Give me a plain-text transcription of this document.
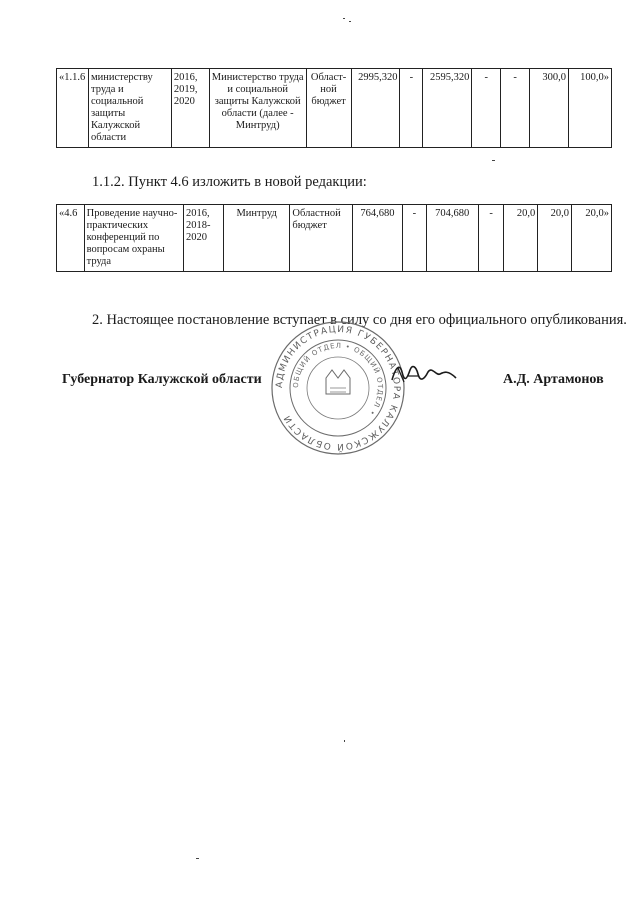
«1.1.6	министерству труда и социальной защиты Калужской области	2016, 2019, 2020	Министерство труда и социальной защиты Калужской области (далее - Минтруд)	Област-ной бюджет	2995,320	-	2595,320	-	-	300,0	100,0»
1.1.2. Пункт 4.6 изложить в новой редакции:
«4.6	Проведение научно-практических конференций по вопросам охраны труда	2016, 2018-2020	Минтруд	Областной бюджет	764,680	-	704,680	-	20,0	20,0	20,0»
2. Настоящее постановление вступает в силу со дня его официального опубликования.
АДМИНИСТРАЦИЯ ГУБЕРНАТОРА КАЛУЖСКОЙ ОБЛАСТИ
ОБЩИЙ ОТДЕЛ • ОБЩИЙ ОТДЕЛ •
Губернатор Калужской области	А.Д. Артамонов
